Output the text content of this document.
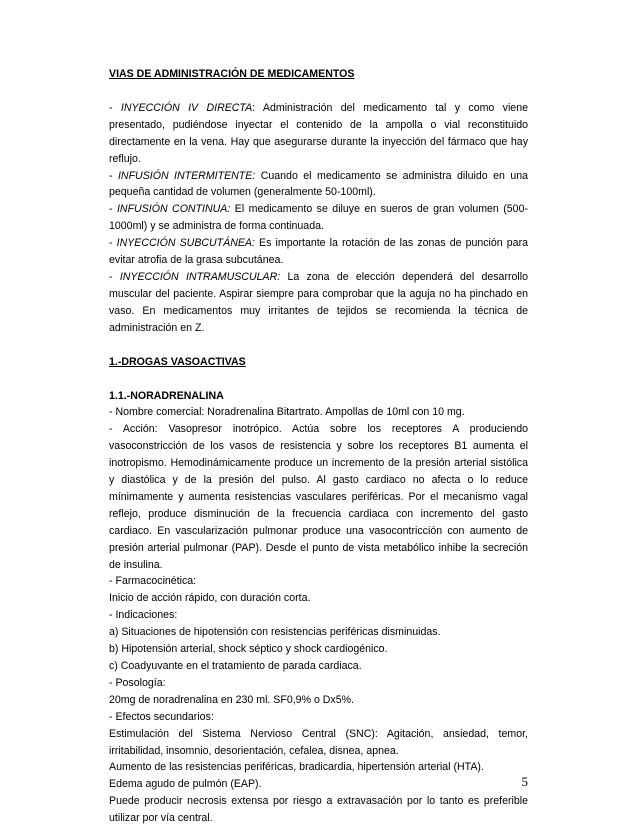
VIAS DE ADMINISTRACIÓN DE MEDICAMENTOS

- INYECCIÓN IV DIRECTA: Administración del medicamento tal y como viene presentado, pudiéndose inyectar el contenido de la ampolla o vial reconstituido directamente en la vena. Hay que asegurarse durante la inyección del fármaco que hay reflujo.

- INFUSIÓN INTERMITENTE: Cuando el medicamento se administra diluido en una pequeña cantidad de volumen (generalmente 50-100ml).

- INFUSIÓN CONTINUA: El medicamento se diluye en sueros de gran volumen (500-1000ml) y se administra de forma continuada.

- INYECCIÓN SUBCUTÁNEA: Es importante la rotación de las zonas de punción para evitar atrofia de la grasa subcutánea.

- INYECCIÓN INTRAMUSCULAR: La zona de elección dependerá del desarrollo muscular del paciente. Aspirar siempre para comprobar que la aguja no ha pinchado en vaso. En medicamentos muy irritantes de tejidos se recomienda la técnica de administración en Z.

1.-DROGAS VASOACTIVAS

1.1.-NORADRENALINA

- Nombre comercial: Noradrenalina Bitartrato. Ampollas de 10ml con 10 mg.

- Acción: Vasopresor inotrópico. Actúa sobre los receptores A produciendo vasoconstricción de los vasos de resistencia y sobre los receptores B1 aumenta el inotropismo. Hemodinámicamente produce un incremento de la presión arterial sistólica y diastólica y de la presión del pulso. Al gasto cardiaco no afecta o lo reduce mínimamente y aumenta resistencias vasculares periféricas. Por el mecanismo vagal reflejo, produce disminución de la frecuencia cardiaca con incremento del gasto cardiaco. En vascularización pulmonar produce una vasocontricción con aumento de presión arterial pulmonar (PAP). Desde el punto de vista metabólico inhibe la secreción de insulina.

- Farmacocinética:

Inicio de acción rápido, con duración corta.

- Indicaciones:

a) Situaciones de hipotensión con resistencias periféricas disminuidas.

b) Hipotensión arterial, shock séptico y shock cardiogénico.

c) Coadyuvante en el tratamiento de parada cardiaca.

- Posología:

20mg de noradrenalina en 230 ml. SF0,9% o Dx5%.

- Efectos secundarios:

Estimulación del Sistema Nervioso Central (SNC): Agitación, ansiedad, temor, irritabilidad, insomnio, desorientación, cefalea, disnea, apnea.

Aumento de las resistencias periféricas, bradicardia, hipertensión arterial (HTA).

Edema agudo de pulmón (EAP).

Puede producir necrosis extensa por riesgo a extravasación por lo tanto es preferible utilizar por vía central.

5
